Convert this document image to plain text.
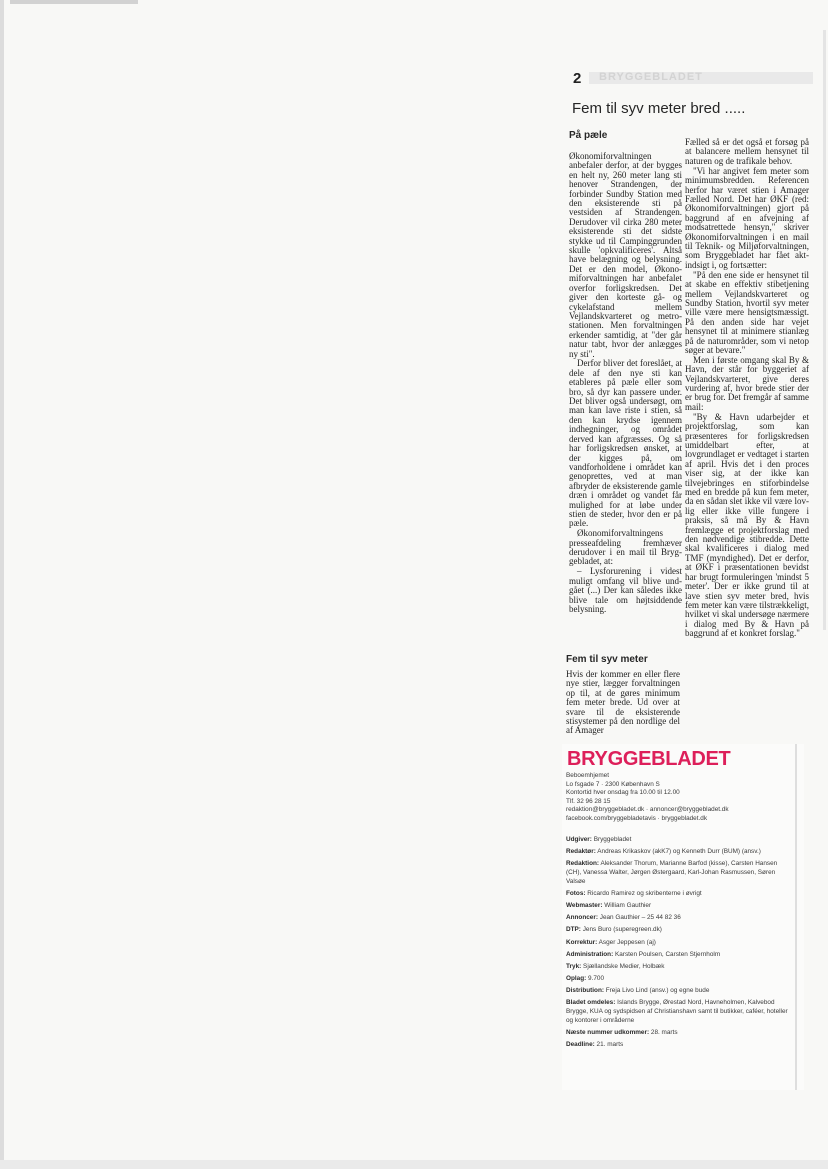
2 BRYGGEBLADET
Fem til syv meter bred .....
På pæle

Økonomiforvaltningen anbefaler derfor, at der bygges en helt ny, 260 meter lang sti henover Strandengen, der forbinder Sundby Station med den eksisterende sti på vestsiden af Strandengen. Derudover vil cirka 280 meter eksisterende sti det sidste stykke ud til Campinggrunden skulle 'opkvalificeres'. Altså have belægning og belysning. Det er den model, Økonomiforvaltningen har anbefalet overfor forligskredsen. Det giver den korteste gå- og cykelafstand mellem Vejlandskvarteret og metrostationen. Men forvaltningen erkender samtidig, at "der går natur tabt, hvor der anlægges ny sti".

Derfor bliver det foreslået, at dele af den nye sti kan etableres på pæle eller som bro, så dyr kan passere under. Det bliver også undersøgt, om man kan lave riste i stien, så den kan krydse igennem indhegninger, og området derved kan afgræsses. Og så har forligskredsen ønsket, at der kigges på, om vandforholdene i området kan genoprettes, ved at man afbryder de eksisterende gamle dræn i området og vandet får mulighed for at løbe under stien de steder, hvor den er på pæle.

Økonomiforvaltningens presseafdeling fremhæver derudover i en mail til Bryggebladet, at:

– Lysforurening i videst muligt omfang vil blive undgået (...) Der kan således ikke blive tale om højtsiddende belysning.

Fem til syv meter

Hvis der kommer en eller flere nye stier, lægger forvaltningen op til, at de gøres minimum fem meter brede. Ud over at svare til de eksisterende stisystemer på den nordlige del af Amager

Fælled så er det også et forsøg på at balancere mellem hensynet til naturen og de trafikale behov.

"Vi har angivet fem meter som minimumsbredden. Referencen herfor har været stien i Amager Fælled Nord. Det har ØKF (red: Økonomiforvaltningen) gjort på baggrund af en afvejning af modsatrettede hensyn," skriver Økonomiforvaltningen i en mail til Teknik- og Miljøforvaltningen, som Bryggebladet har fået aktindsigt i, og fortsætter:

"På den ene side er hensynet til at skabe en effektiv stibetjening mellem Vejlandskvarteret og Sundby Station, hvortil syv meter ville være mere hensigtsmæssigt. På den anden side har vejet hensynet til at minimere stianlæg på de naturområder, som vi netop søger at bevare."

Men i første omgang skal By & Havn, der står for byggeriet af Vejlandskvarteret, give deres vurdering af, hvor brede stier der er brug for. Det fremgår af samme mail:

"By & Havn udarbejder et projektforslag, som kan præsenteres for forligskredsen umiddelbart efter, at lovgrundlaget er vedtaget i starten af april. Hvis det i den proces viser sig, at der ikke kan tilvejebringes en stiforbindelse med en bredde på kun fem meter, da en sådan slet ikke vil være lovlig eller ikke ville fungere i praksis, så må By & Havn fremlægge et projektforslag med den nødvendige stibredde. Dette skal kvalificeres i dialog med TMF (myndighed). Det er derfor, at ØKF i præsentationen bevidst har brugt formuleringen 'mindst 5 meter'. Der er ikke grund til at lave stien syv meter bred, hvis fem meter kan være tilstrækkeligt, hvilket vi skal undersøge nærmere i dialog med By & Havn på baggrund af et konkret forslag."

BRYGGEBLADET
Beboemhjemet
Lo fsgade 7 · 2300 København S
Kontortid hver onsdag fra 10.00 til 12.00
Tlf. 32 96 28 15
redaktion@bryggebladet.dk · annoncer@bryggebladet.dk
facebook.com/bryggebladetavis · bryggebladet.dk
Udgiver: Bryggebladet
Redaktør: Andreas Krikaskov (akK7) og Kenneth Durr (BUM) (ansv.)
Redaktion: Aleksander Thorum, Marianne Barfod (kisse), Carsten Hansen (CH), Vanessa Walter, Jørgen Østergaard, Karl-Johan Rasmussen, Søren Valsøe
Fotos: Ricardo Ramirez og skribenterne i øvrigt
Webmaster: William Gauthier
Annoncer: Jean Gauthier – 25 44 82 36
DTP: Jens Buro (superegreen.dk)
Korrektur: Asger Jeppesen (aj)
Administration: Karsten Poulsen, Carsten Stjernholm
Tryk: Sjællandske Medier, Holbæk
Oplag: 9.700
Distribution: Freja Livo Lind (ansv.) og egne bude
Bladet omdeles: Islands Brygge, Ørestad Nord, Havneholmen, Kalvebod Brygge, KUA og sydspidsen af Christianshavn samt til butikker, caféer, hoteller og kontorer i områderne
Næste nummer udkommer: 28. marts
Deadline: 21. marts
